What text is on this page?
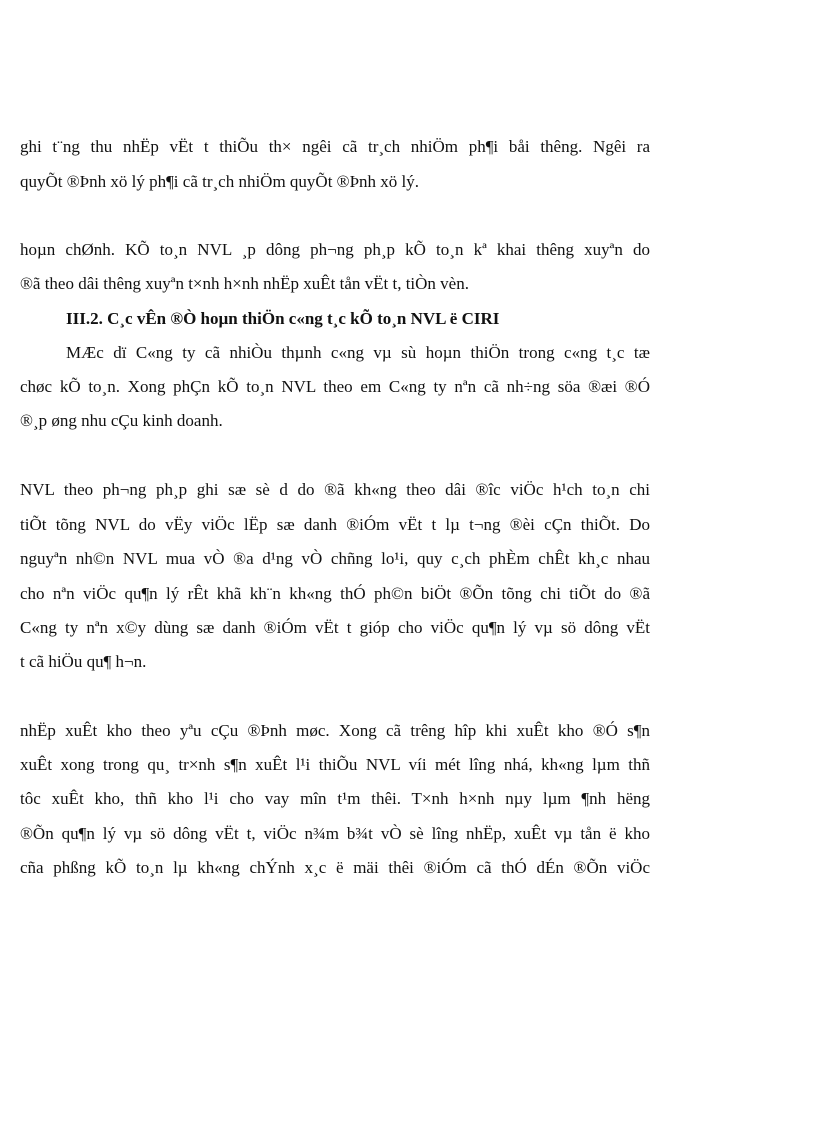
ghi t¨ng thu nhËp vËt t thiÕu th× ngêi cã tr¸ch nhiÖm ph¶i båi thêng. Ngêi ra
quyÕt ®Þnh xö lý ph¶i cã tr¸ch nhiÖm quyÕt ®Þnh xö lý.
hoµn chØnh. KÕ to¸n NVL ¸p dông ph¬ng ph¸p kÕ to¸n kª khai thêng xuyªn do
®ã theo dâi thêng xuyªn t×nh h×nh nhËp xuÊt tån vËt t, tiÒn vèn.
III.2. C¸c vÊn ®Ò hoµn thiÖn c«ng t¸c kÕ to¸n NVL ë CIRI
MÆc dï C«ng ty cã nhiÒu thµnh c«ng vµ sù hoµn thiÖn trong c«ng t¸c tæ
chøc kÕ to¸n. Xong phÇn kÕ to¸n NVL theo em C«ng ty nªn cã nh÷ng söa ®æi ®Ó
®¸p øng nhu cÇu kinh doanh.
NVL theo ph¬ng ph¸p ghi sæ sè d do ®ã kh«ng theo dâi ®îc viÖc h¹ch to¸n chi
tiÕt tõng NVL do vËy viÖc lËp sæ danh ®iÓm vËt t lµ t¬ng ®èi cÇn thiÕt. Do
nguyªn nh©n NVL mua vÒ ®a d¹ng vÒ chñng lo¹i, quy c¸ch phÈm chÊt kh¸c nhau
cho nªn viÖc qu¶n lý rÊt khã kh¨n kh«ng thÓ ph©n biÖt ®Õn tõng chi tiÕt do ®ã
C«ng ty nªn x©y dùng sæ danh ®iÓm vËt t gióp cho viÖc qu¶n lý vµ sö dông vËt
t cã hiÖu qu¶ h¬n.
nhËp xuÊt kho theo yªu cÇu ®Þnh møc. Xong cã trêng hîp khi xuÊt kho ®Ó s¶n
xuÊt xong trong qu¸ tr×nh s¶n xuÊt l¹i thiÕu NVL víi mét lîng nhá, kh«ng lµm thñ
tôc xuÊt kho, thñ kho l¹i cho vay mîn t¹m thêi. T×nh h×nh nµy lµm ¶nh hëng
®Õn qu¶n lý vµ sö dông vËt t, viÖc n¾m b¾t vÒ sè lîng nhËp, xuÊt vµ tån ë kho
cña phßng kÕ to¸n lµ kh«ng chÝnh x¸c ë mäi thêi ®iÓm cã thÓ dÉn ®Õn viÖc
